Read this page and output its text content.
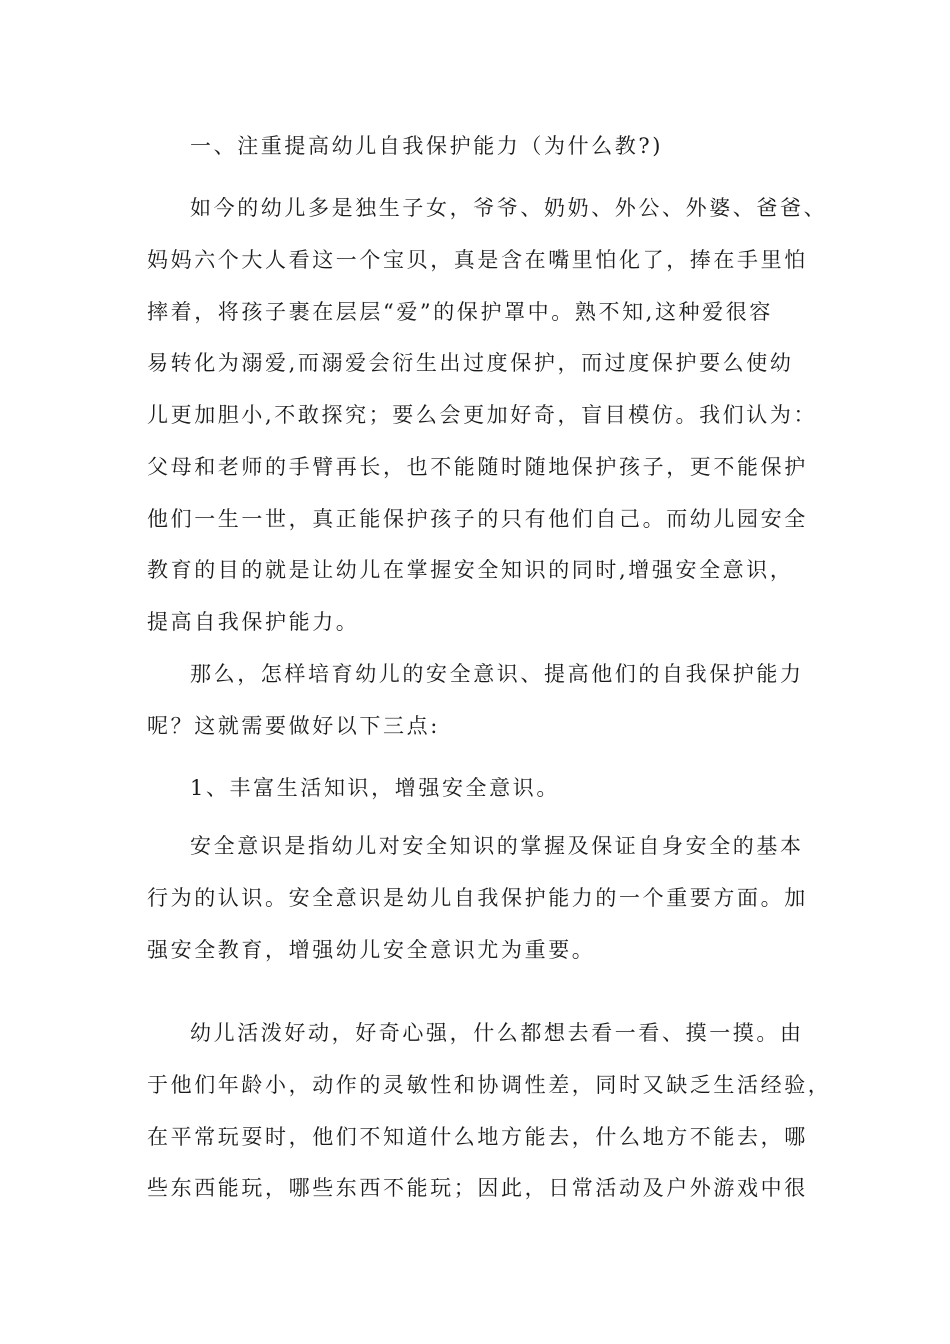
一、注重提高幼儿自我保护能力（为什么教?)
如今的幼儿多是独生子女，爷爷、奶奶、外公、外婆、爸爸、
妈妈六个大人看这一个宝贝，真是含在嘴里怕化了，捧在手里怕
摔着，将孩子裹在层层“爱”的保护罩中。熟不知,这种爱很容
易转化为溺爱,而溺爱会衍生出过度保护，而过度保护要么使幼
儿更加胆小,不敢探究；要么会更加好奇，盲目模仿。我们认为：
父母和老师的手臂再长，也不能随时随地保护孩子，更不能保护
他们一生一世，真正能保护孩子的只有他们自己。而幼儿园安全
教育的目的就是让幼儿在掌握安全知识的同时,增强安全意识，
提高自我保护能力。
那么，怎样培育幼儿的安全意识、提高他们的自我保护能力
呢？这就需要做好以下三点:
1、丰富生活知识，增强安全意识。
安全意识是指幼儿对安全知识的掌握及保证自身安全的基本
行为的认识。安全意识是幼儿自我保护能力的一个重要方面。加
强安全教育，增强幼儿安全意识尤为重要。
幼儿活泼好动，好奇心强，什么都想去看一看、摸一摸。由
于他们年龄小，动作的灵敏性和协调性差，同时又缺乏生活经验，
在平常玩耍时，他们不知道什么地方能去，什么地方不能去，哪
些东西能玩，哪些东西不能玩；因此，日常活动及户外游戏中很
